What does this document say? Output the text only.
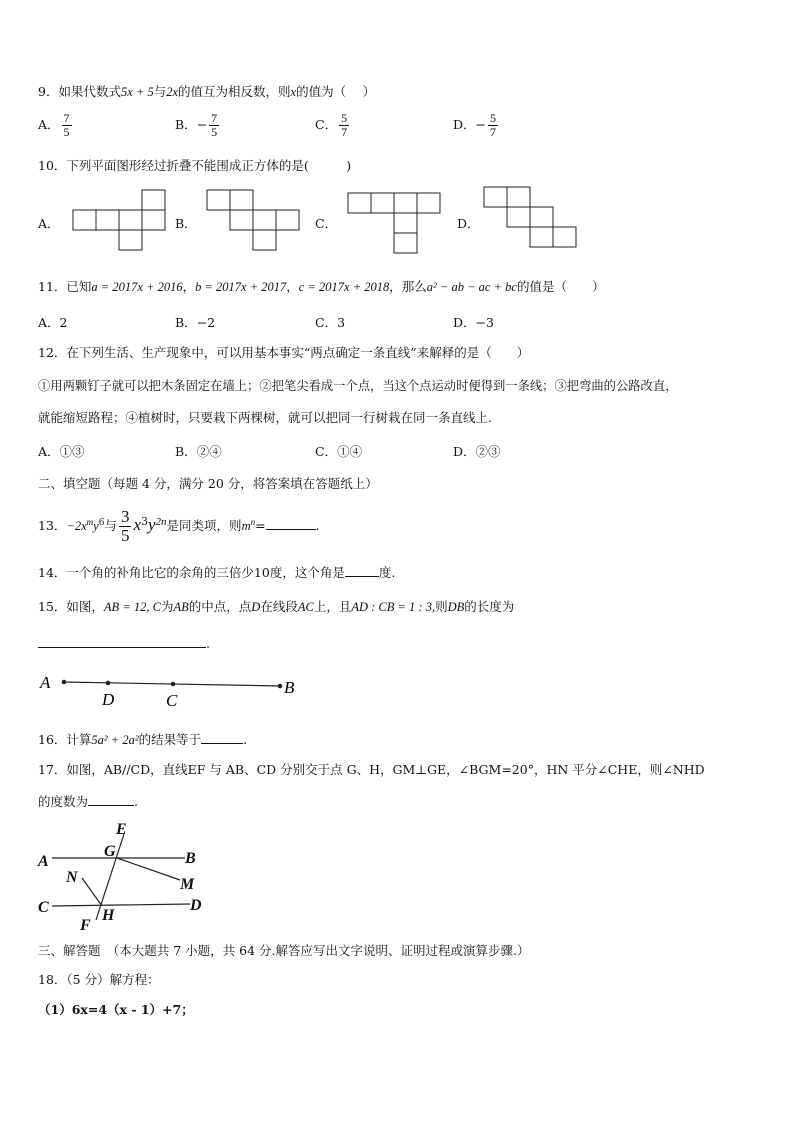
9．如果代数式5x + 5与2x的值互为相反数，则x的值为（　 ）
A． $\frac{7}{5}$	B．− $\frac{7}{5}$	C． $\frac{5}{7}$	D．− $\frac{5}{7}$
10．下列平面图形经过折叠不能围成正方体的是(　　　)
A．	B．	C．	D．
11．已知a = 2017x + 2016，b = 2017x + 2017，c = 2017x + 2018，那么a² − ab − ac + bc的值是（　　）
A．2	B．−2	C．3	D．−3
12．在下列生活、生产现象中，可以用基本事实“两点确定一条直线”来解释的是（　　）
①用两颗钉子就可以把木条固定在墙上；②把笔尖看成一个点，当这个点运动时便得到一条线；③把弯曲的公路改直，
就能缩短路程；④植树时，只要栽下两棵树，就可以把同一行树栽在同一条直线上.
A．①③	B．②④	C．①④	D．②③
二、填空题（每题 4 分，满分 20 分，将答案填在答题纸上）
13．$-2x^my^6$与 $\frac{3}{5} x^3y^{2n}$是同类项，则$m^n=$	.
14．一个角的补角比它的余角的三倍少10度，这个角是	度.
15．如图，AB = 12, C为AB的中点，点D在线段AC上，且AD : CB = 1 : 3,则DB的长度为
.
A
D	C
B
16．计算5a² + 2a²的结果等于	.
17．如图，AB//CD，直线EF 与 AB、CD 分别交于点 G、H，GM⊥GE，∠BGM=20°，HN 平分∠CHE，则∠NHD
的度数为	.
E
G
A	B
N	M
C	D
F
H
三、解答题　（本大题共 7 小题，共 64 分.解答应写出文字说明、证明过程或演算步骤.）
18．（5 分）解方程：
（1）6x=4（x - 1）+7；
